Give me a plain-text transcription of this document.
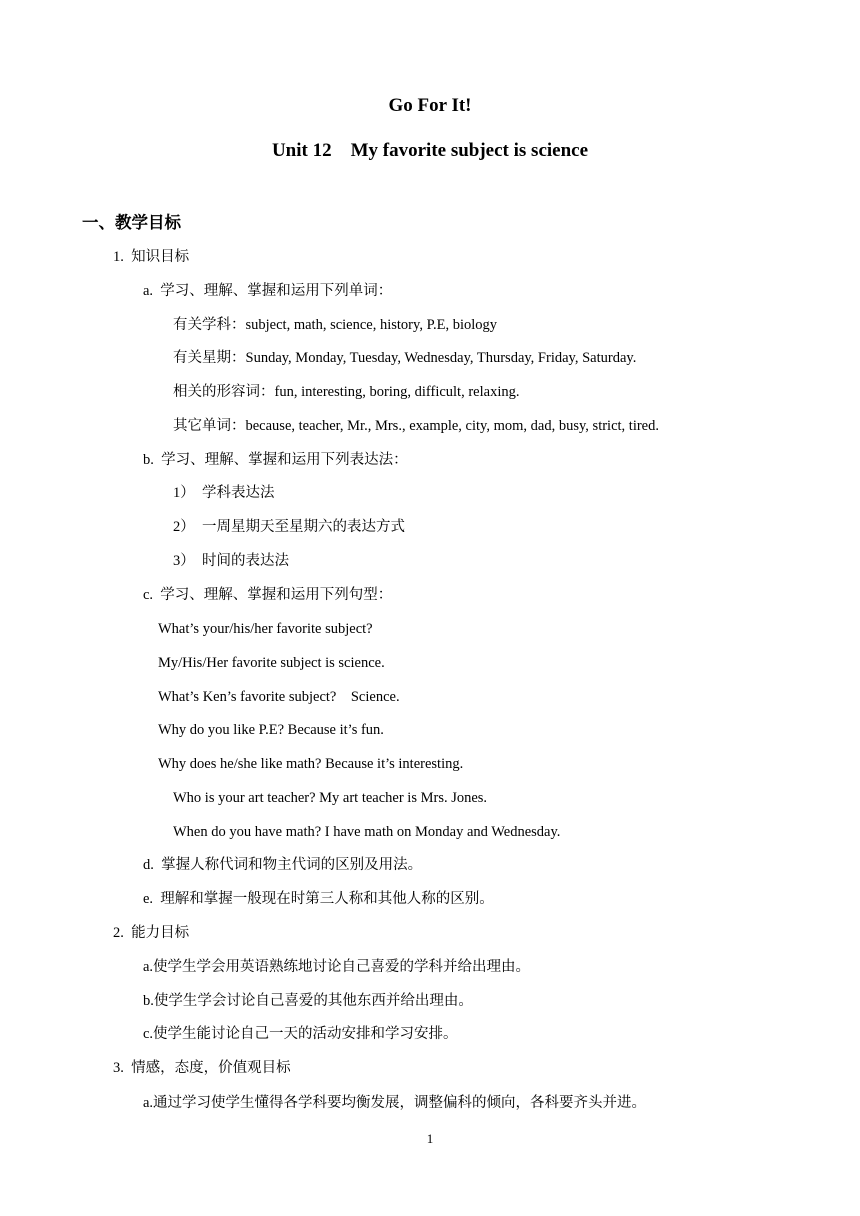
Go For It!
Unit 12    My favorite subject is science
一、教学目标
1.  知识目标
a.  学习、理解、掌握和运用下列单词：
有关学科：subject, math, science, history, P.E, biology
有关星期：Sunday, Monday, Tuesday, Wednesday, Thursday, Friday, Saturday.
相关的形容词：fun, interesting, boring, difficult, relaxing.
其它单词：because, teacher, Mr., Mrs., example, city, mom, dad, busy, strict, tired.
b.  学习、理解、掌握和运用下列表达法：
1）  学科表达法
2）  一周星期天至星期六的表达方式
3）  时间的表达法
c.  学习、理解、掌握和运用下列句型：
What’s your/his/her favorite subject?
My/His/Her favorite subject is science.
What’s Ken’s favorite subject?    Science.
Why do you like P.E? Because it’s fun.
Why does he/she like math? Because it’s interesting.
Who is your art teacher? My art teacher is Mrs. Jones.
When do you have math? I have math on Monday and Wednesday.
d.  掌握人称代词和物主代词的区别及用法。
e.  理解和掌握一般现在时第三人称和其他人称的区别。
2.  能力目标
a.使学生学会用英语熟练地讨论自己喜爱的学科并给出理由。
b.使学生学会讨论自己喜爱的其他东西并给出理由。
c.使学生能讨论自己一天的活动安排和学习安排。
3.  情感，态度，价值观目标
a.通过学习使学生懂得各学科要均衡发展，调整偏科的倾向，各科要齐头并进。
1
